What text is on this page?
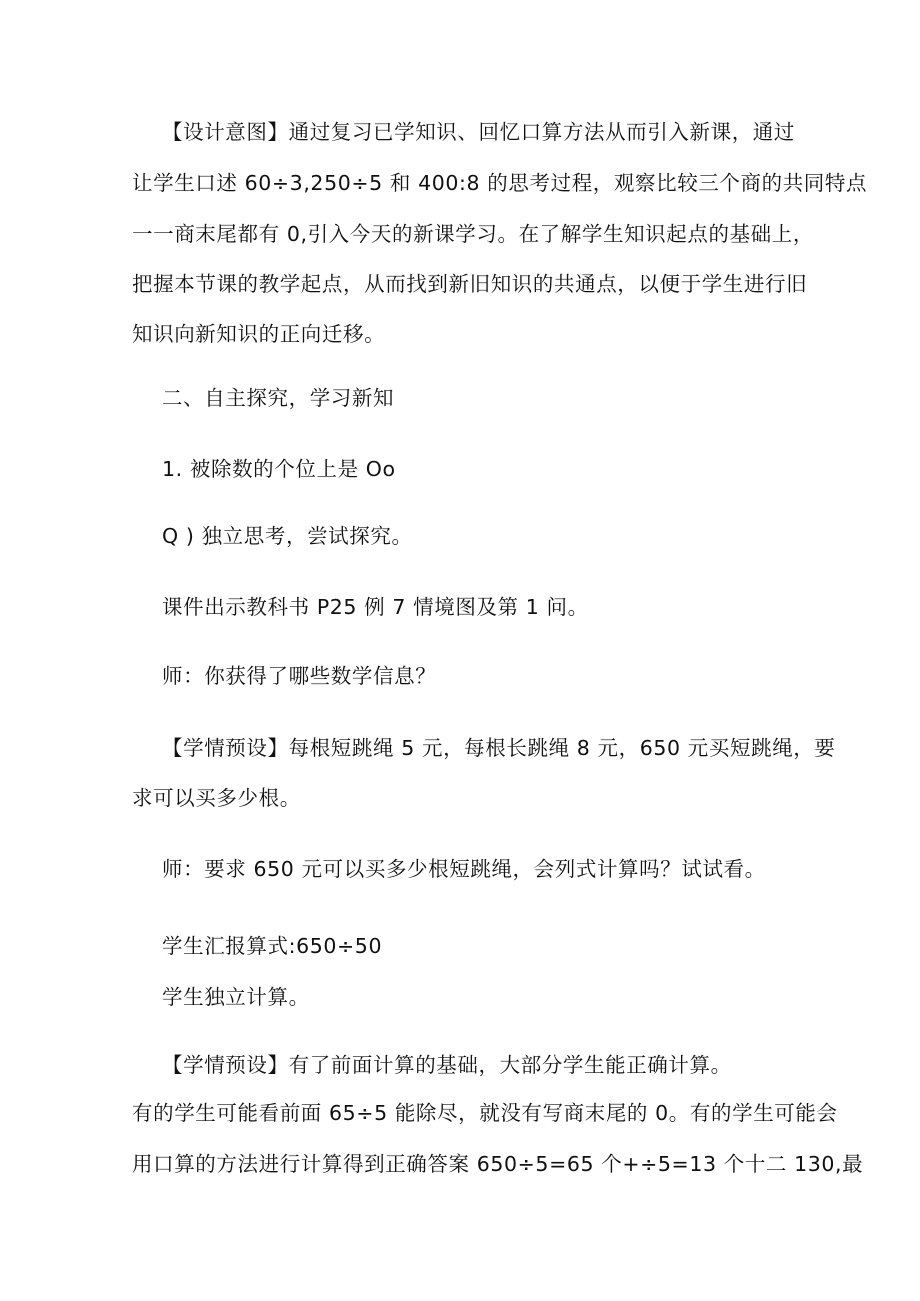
【设计意图】通过复习已学知识、回忆口算方法从而引入新课，通过
让学生口述 60÷3,250÷5 和 400:8 的思考过程，观察比较三个商的共同特点
一一商末尾都有 0,引入今天的新课学习。在了解学生知识起点的基础上，
把握本节课的教学起点，从而找到新旧知识的共通点，以便于学生进行旧
知识向新知识的正向迁移。
二、自主探究，学习新知
1. 被除数的个位上是 Oo
Q ) 独立思考，尝试探究。
课件出示教科书 P25 例 7 情境图及第 1 问。
师：你获得了哪些数学信息？
【学情预设】每根短跳绳 5 元，每根长跳绳 8 元，650 元买短跳绳，要
求可以买多少根。
师：要求 650 元可以买多少根短跳绳，会列式计算吗？试试看。
学生汇报算式:650÷50
学生独立计算。
【学情预设】有了前面计算的基础，大部分学生能正确计算。
有的学生可能看前面 65÷5 能除尽，就没有写商末尾的 0。有的学生可能会
用口算的方法进行计算得到正确答案 650÷5=65 个+÷5=13 个十二 130,最
